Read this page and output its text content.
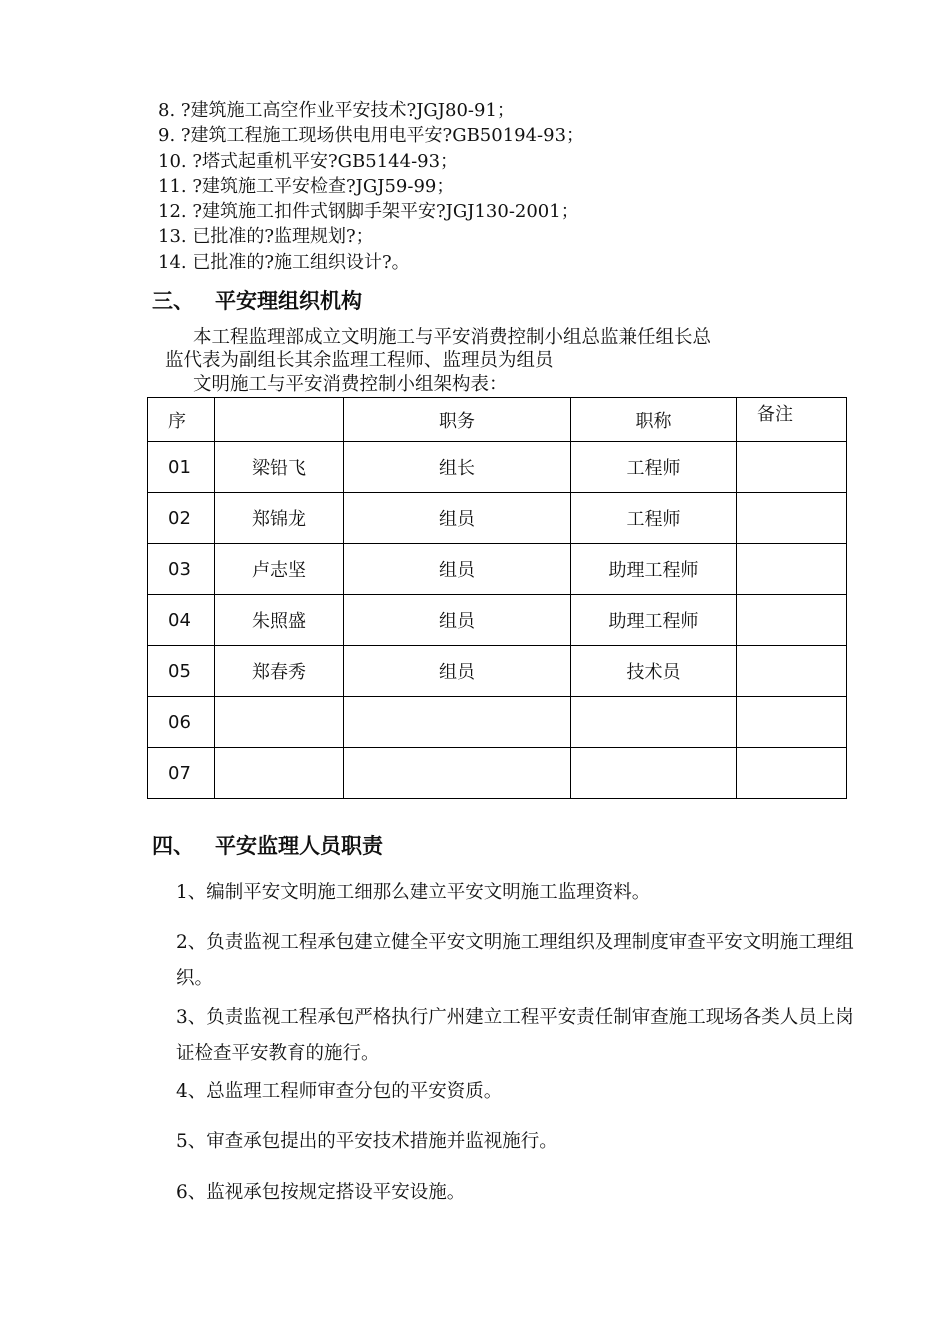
8. ?建筑施工高空作业平安技术?JGJ80-91；
9. ?建筑工程施工现场供电用电平安?GB50194-93；
10. ?塔式起重机平安?GB5144-93；
11. ?建筑施工平安检查?JGJ59-99；
12. ?建筑施工扣件式钢脚手架平安?JGJ130-2001；
13. 已批准的?监理规划?；
14. 已批准的?施工组织设计?。
三、 平安理组织机构
本工程监理部成立文明施工与平安消费控制小组总监兼任组长总
监代表为副组长其余监理工程师、监理员为组员
文明施工与平安消费控制小组架构表：
序		职务	职称	备注
01	梁铅飞	组长	工程师	
02	郑锦龙	组员	工程师	
03	卢志坚	组员	助理工程师	
04	朱照盛	组员	助理工程师	
05	郑春秀	组员	技术员	
06				
07				
四、 平安监理人员职责
1、编制平安文明施工细那么建立平安文明施工监理资料。
2、负责监视工程承包建立健全平安文明施工理组织及理制度审查平安文明施工理组织。
3、负责监视工程承包严格执行广州建立工程平安责任制审查施工现场各类人员上岗证检查平安教育的施行。
4、总监理工程师审查分包的平安资质。
5、审查承包提出的平安技术措施并监视施行。
6、监视承包按规定搭设平安设施。
